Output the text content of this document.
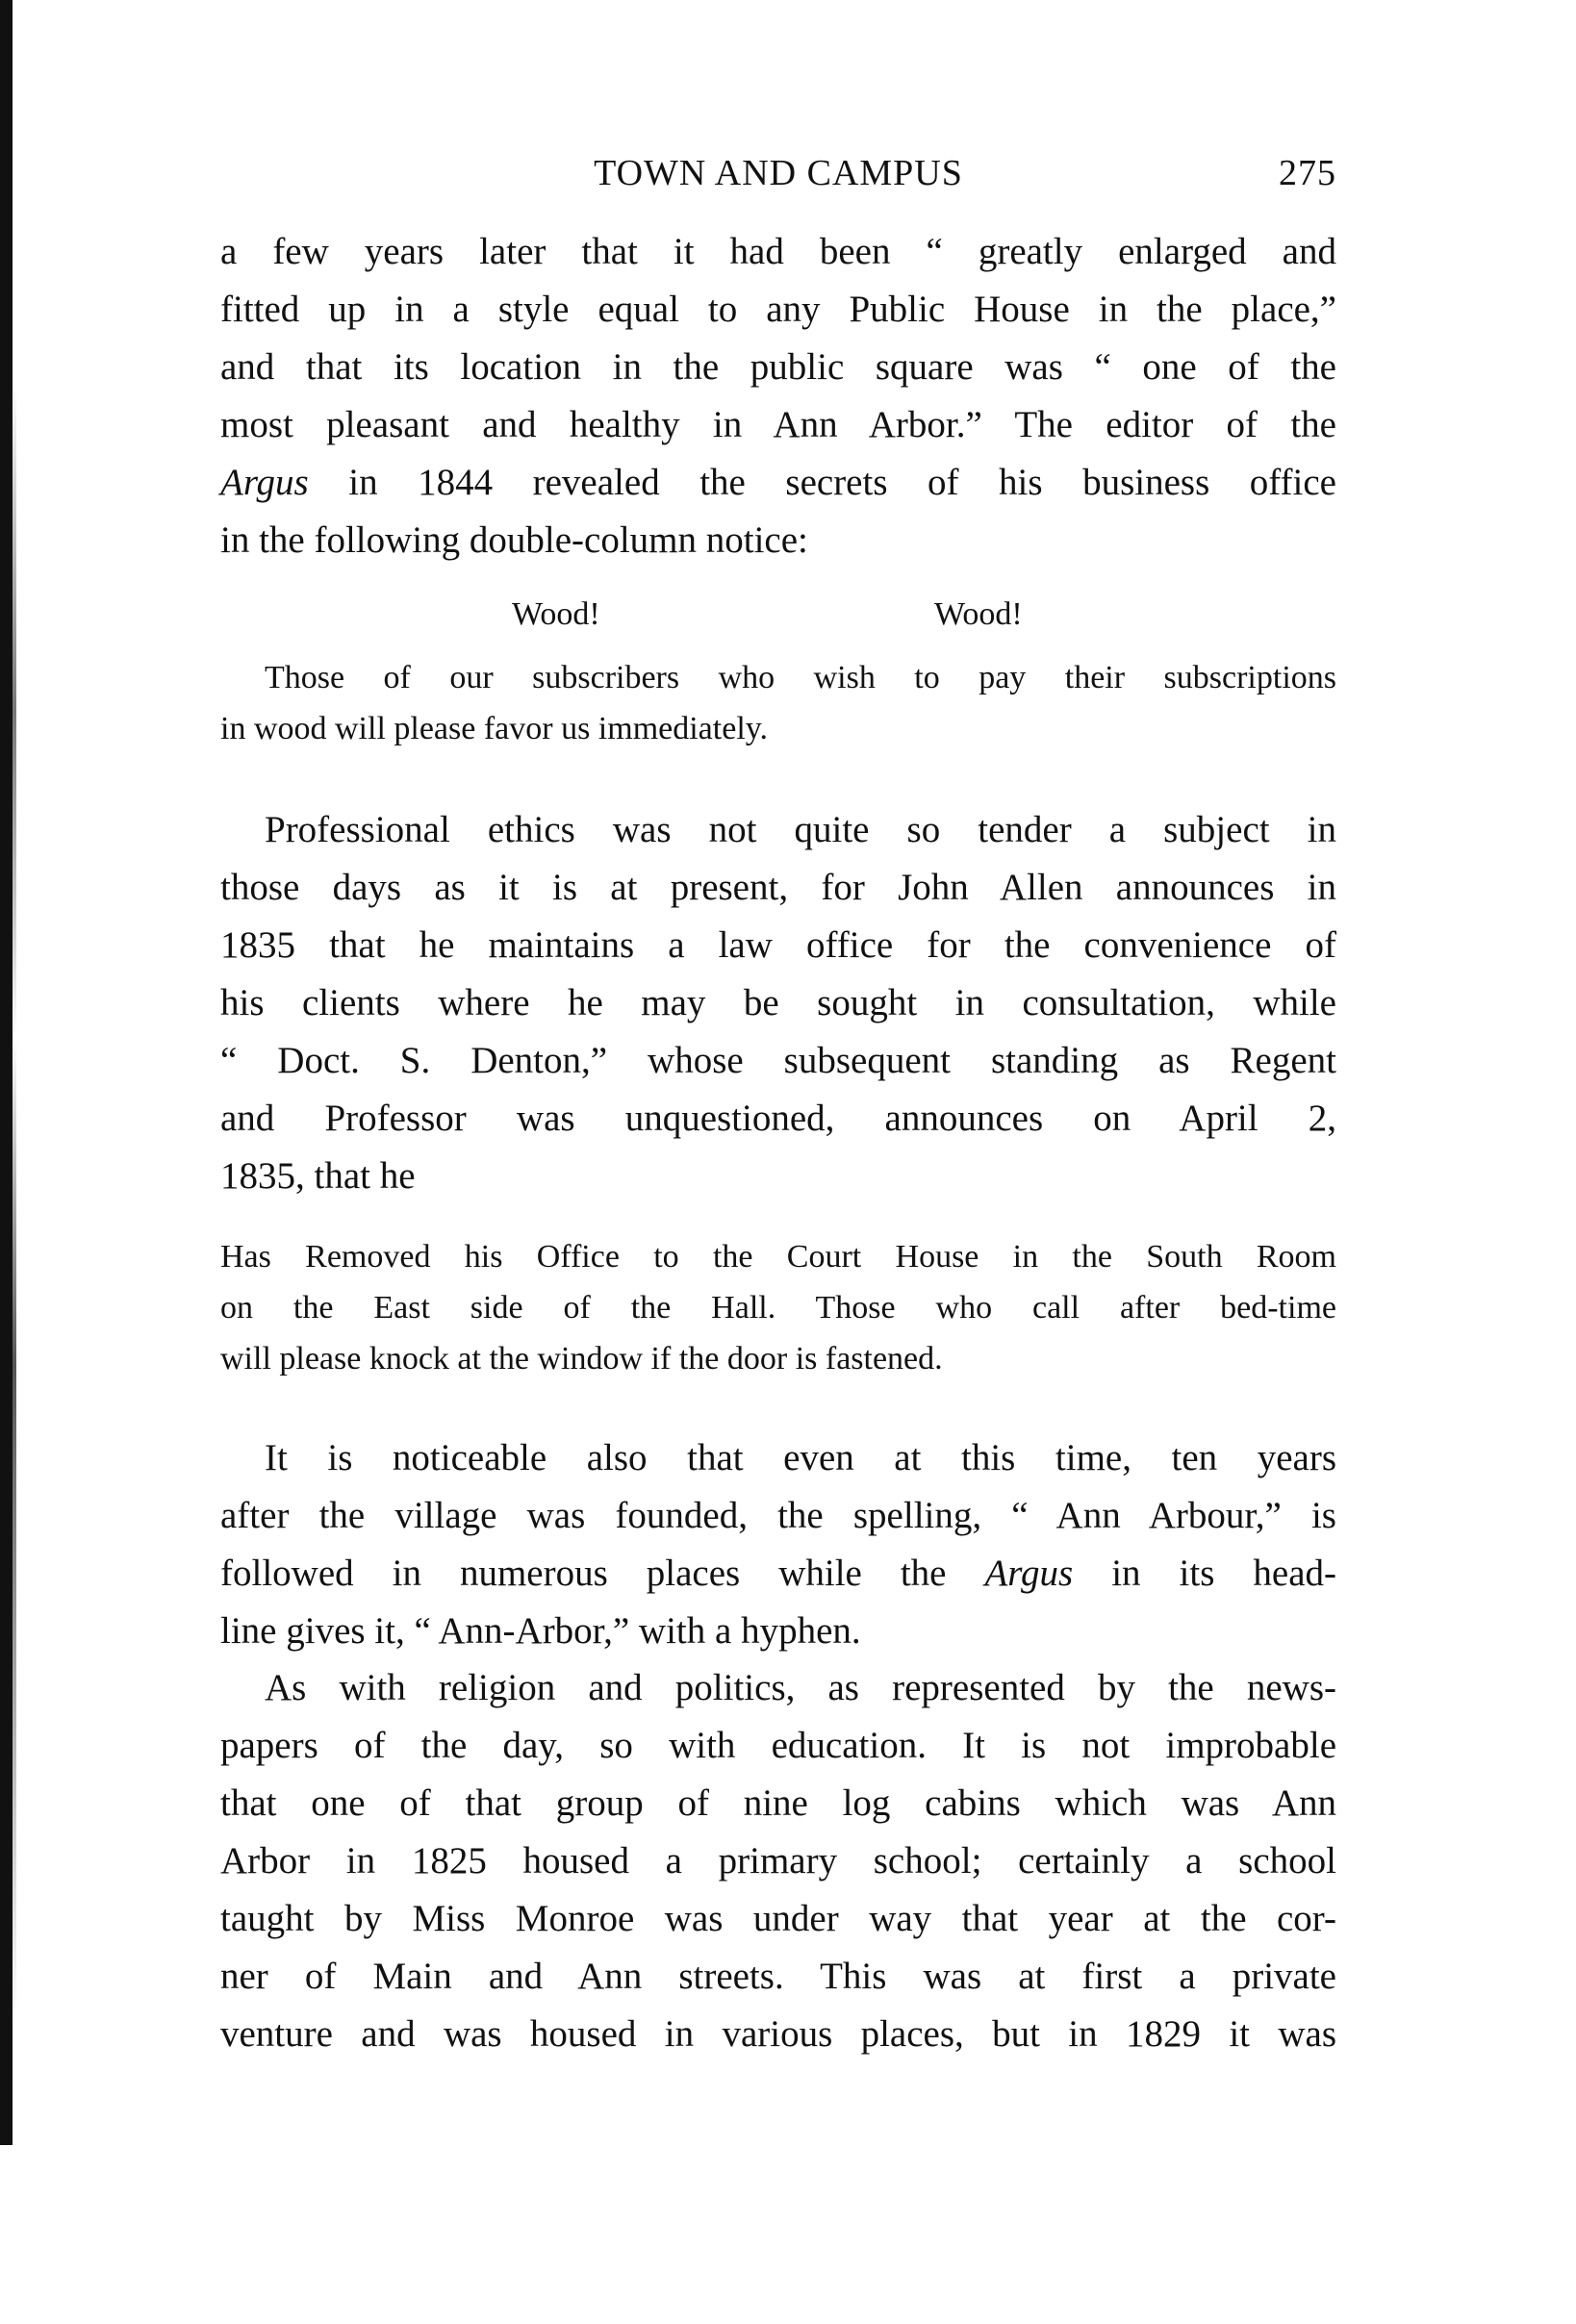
TOWN AND CAMPUS	275
Wood!	Wood!
a few years later that it had been “ greatly enlarged and
fitted up in a style equal to any Public House in the place,”
and that its location in the public square was “ one of the
most pleasant and healthy in Ann Arbor.” The editor of the
Argus in 1844 revealed the secrets of his business office
in the following double-column notice:
Those of our subscribers who wish to pay their subscriptions
in wood will please favor us immediately.
Professional ethics was not quite so tender a subject in
those days as it is at present, for John Allen announces in
1835 that he maintains a law office for the convenience of
his clients where he may be sought in consultation, while
“ Doct. S. Denton,” whose subsequent standing as Regent
and Professor was unquestioned, announces on April 2,
1835, that he
Has Removed his Office to the Court House in the South Room
on the East side of the Hall. Those who call after bed-time
will please knock at the window if the door is fastened.
It is noticeable also that even at this time, ten years
after the village was founded, the spelling, “ Ann Arbour,” is
followed in numerous places while the Argus in its head-
line gives it, “ Ann-Arbor,” with a hyphen.
As with religion and politics, as represented by the news-
papers of the day, so with education. It is not improbable
that one of that group of nine log cabins which was Ann
Arbor in 1825 housed a primary school; certainly a school
taught by Miss Monroe was under way that year at the cor-
ner of Main and Ann streets. This was at first a private
venture and was housed in various places, but in 1829 it was
